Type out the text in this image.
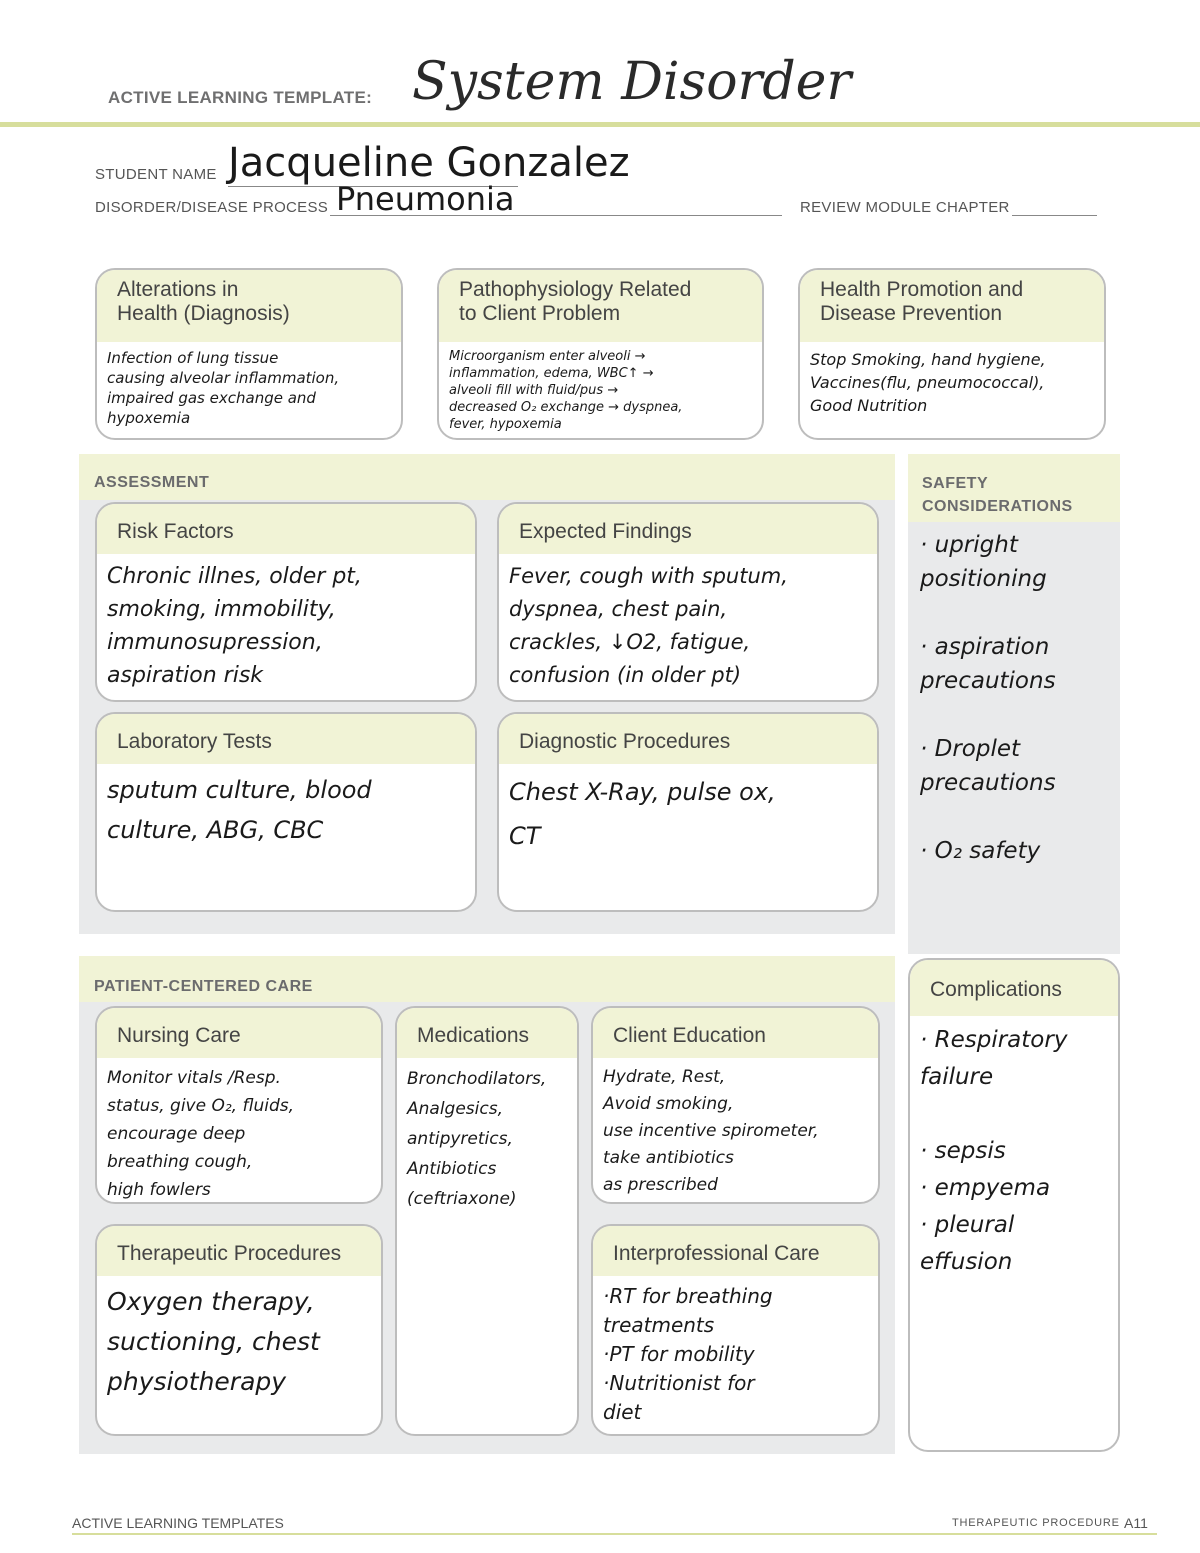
ACTIVE LEARNING TEMPLATE: System Disorder
STUDENT NAME Jacqueline Gonzalez
DISORDER/DISEASE PROCESS Pneumonia	REVIEW MODULE CHAPTER
Alterations in
Health (Diagnosis)
Infection of lung tissue
causing alveolar inflammation,
impaired gas exchange and
hypoxemia
Pathophysiology Related
to Client Problem
Microorganism enter alveoli →
inflammation, edema, WBC↑ →
alveoli fill with fluid/pus →
decreased O₂ exchange → dyspnea,
fever, hypoxemia
Health Promotion and
Disease Prevention
Stop Smoking, hand hygiene,
Vaccines(flu, pneumococcal),
Good Nutrition
ASSESSMENT
Risk Factors
Chronic illnes, older pt,
smoking, immobility,
immunosupression,
aspiration risk
Expected Findings
Fever, cough with sputum,
dyspnea, chest pain,
crackles, ↓O2, fatigue,
confusion (in older pt)
Laboratory Tests
sputum culture, blood
culture, ABG, CBC
Diagnostic Procedures
Chest X-Ray, pulse ox,
CT
SAFETY
CONSIDERATIONS
· upright
positioning

· aspiration
precautions

· Droplet
precautions

· O₂ safety
PATIENT-CENTERED CARE
Nursing Care
Monitor vitals /Resp.
status, give O₂, fluids,
encourage deep
breathing cough,
high fowlers
Medications
Bronchodilators,
Analgesics,
antipyretics,
Antibiotics
(ceftriaxone)
Client Education
Hydrate, Rest,
Avoid smoking,
use incentive spirometer,
take antibiotics
as prescribed
Therapeutic Procedures
Oxygen therapy,
suctioning, chest
physiotherapy
Interprofessional Care
·RT for breathing
treatments
·PT for mobility
·Nutritionist for
diet
Complications
· Respiratory
failure

· sepsis
· empyema
· pleural
effusion
ACTIVE LEARNING TEMPLATES	THERAPEUTIC PROCEDURE A11
